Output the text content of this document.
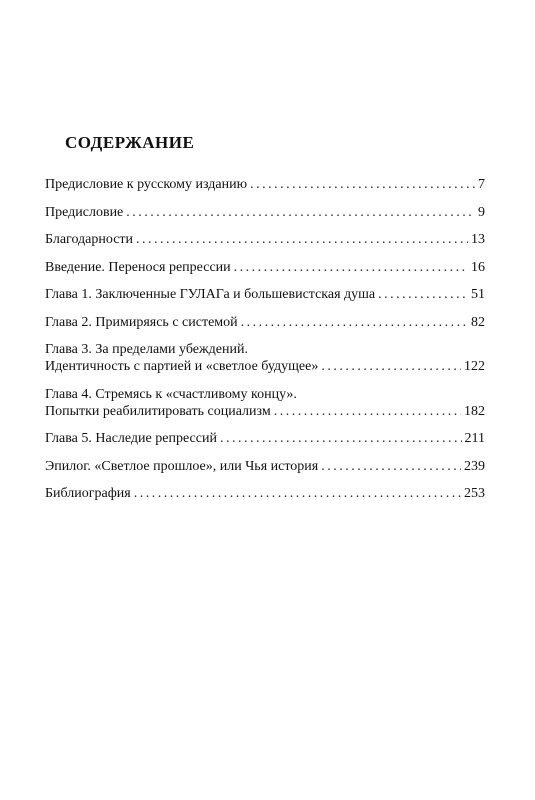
СОДЕРЖАНИЕ
Предисловие к русскому изданию . . .	7
Предисловие . . .	9
Благодарности . . .	13
Введение. Перенося репрессии . . .	16
Глава 1. Заключенные ГУЛАГа и большевистская душа . . .	51
Глава 2. Примиряясь с системой . . .	82
Глава 3. За пределами убеждений.
Идентичность с партией и «светлое будущее» . . .	122
Глава 4. Стремясь к «счастливому концу».
Попытки реабилитировать социализм . . .	182
Глава 5. Наследие репрессий . . .	211
Эпилог. «Светлое прошлое», или Чья история . . .	239
Библиография . . .	253
